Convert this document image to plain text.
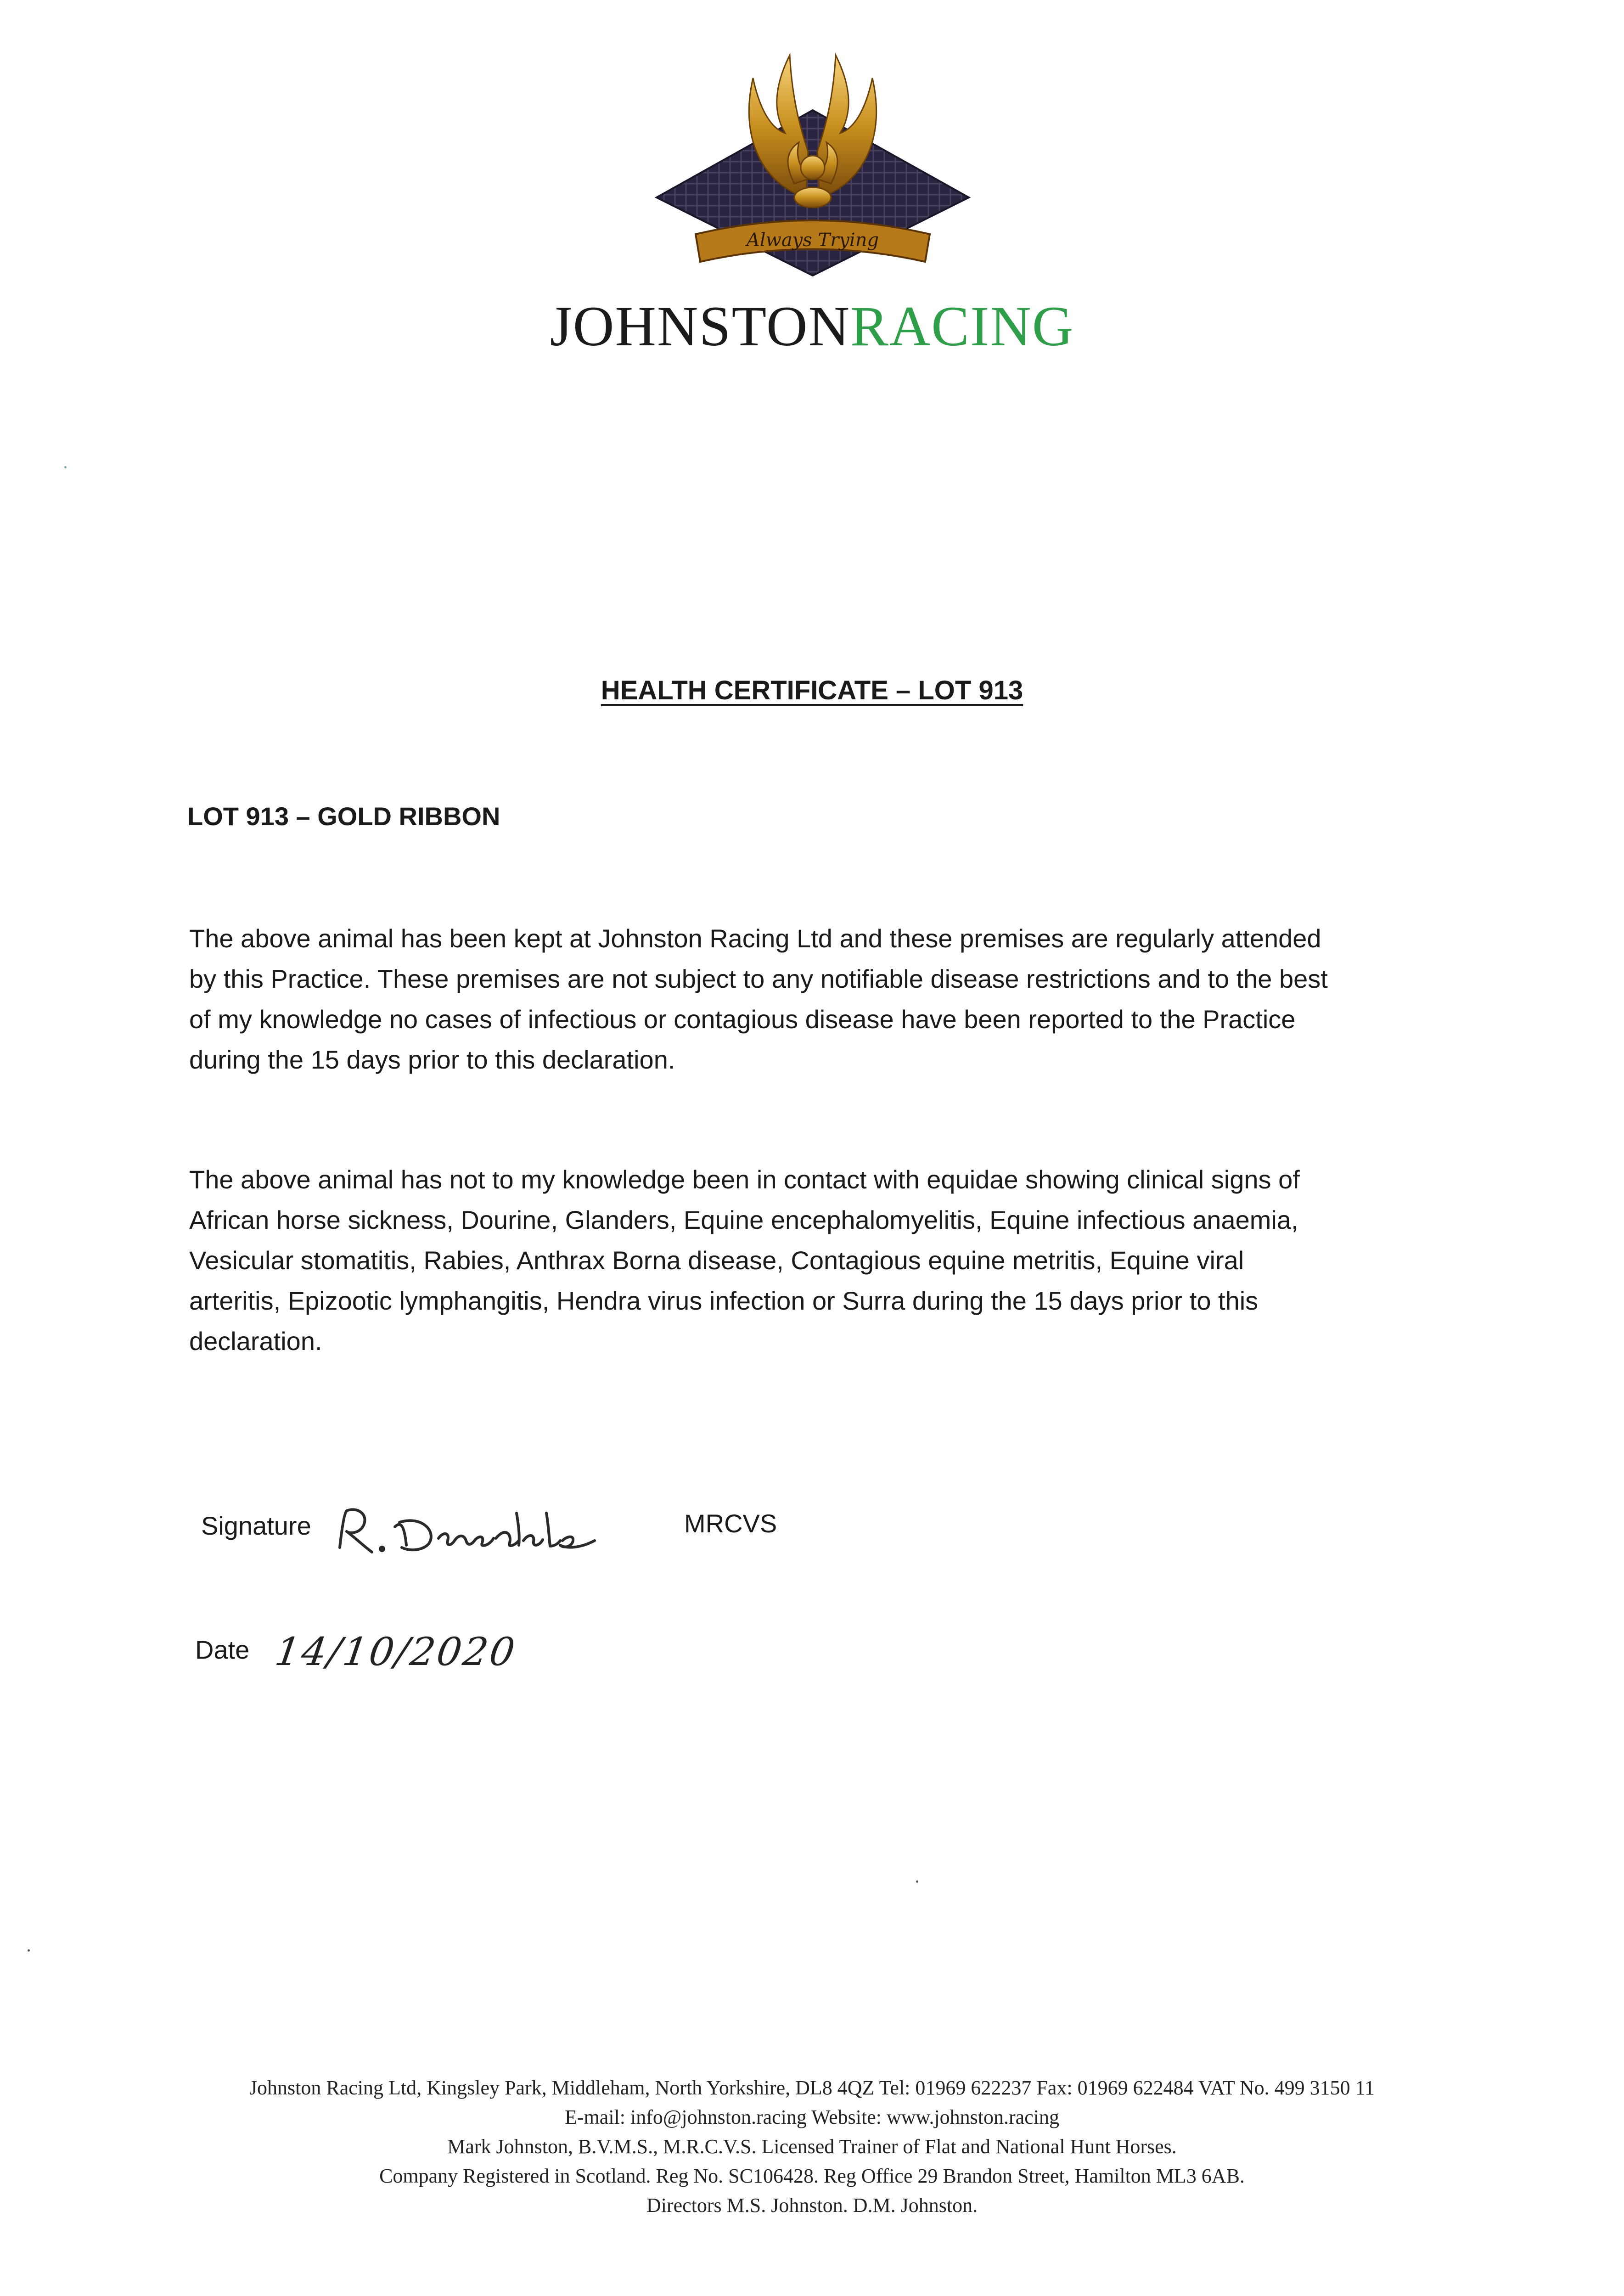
Always Trying
JOHNSTONRACING
HEALTH CERTIFICATE – LOT 913
LOT 913 – GOLD RIBBON
The above animal has been kept at Johnston Racing Ltd and these premises are regularly attended
by this Practice. These premises are not subject to any notifiable disease restrictions and to the best
of my knowledge no cases of infectious or contagious disease have been reported to the Practice
during the 15 days prior to this declaration.
The above animal has not to my knowledge been in contact with equidae showing clinical signs of
African horse sickness, Dourine, Glanders, Equine encephalomyelitis, Equine infectious anaemia,
Vesicular stomatitis, Rabies, Anthrax Borna disease, Contagious equine metritis, Equine viral
arteritis, Epizootic lymphangitis, Hendra virus infection or Surra during the 15 days prior to this
declaration.
Signature	MRCVS
Date 14/10/2020
Johnston Racing Ltd, Kingsley Park, Middleham, North Yorkshire, DL8 4QZ Tel: 01969 622237 Fax: 01969 622484 VAT No. 499 3150 11
E-mail: info@johnston.racing Website: www.johnston.racing
Mark Johnston, B.V.M.S., M.R.C.V.S. Licensed Trainer of Flat and National Hunt Horses.
Company Registered in Scotland. Reg No. SC106428. Reg Office 29 Brandon Street, Hamilton ML3 6AB.
Directors M.S. Johnston. D.M. Johnston.
